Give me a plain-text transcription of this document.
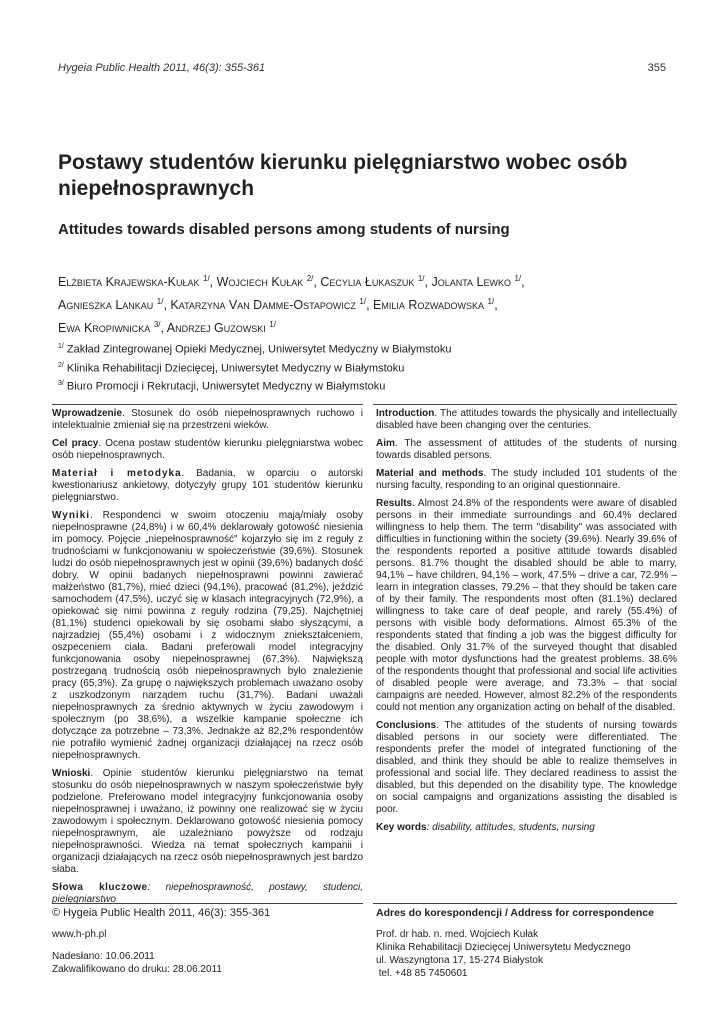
Hygeia Public Health 2011, 46(3): 355-361	355
Postawy studentów kierunku pielęgniarstwo wobec osób niepełnosprawnych
Attitudes towards disabled persons among students of nursing
Elżbieta Krajewska-Kułak $^{1/}$, Wojciech Kułak $^{2/}$, Cecylia Łukaszuk $^{1/}$, Jolanta Lewko $^{1/}$,
Agnieszka Lankau $^{1/}$, Katarzyna Van Damme-Ostapowicz $^{1/}$, Emilia Rozwadowska $^{1/}$,
Ewa Kropiwnicka $^{3/}$, Andrzej Guzowski $^{1/}$
$^{1/}$ Zakład Zintegrowanej Opieki Medycznej, Uniwersytet Medyczny w Białymstoku
$^{2/}$ Klinika Rehabilitacji Dziecięcej, Uniwersytet Medyczny w Białymstoku
$^{3/}$ Biuro Promocji i Rekrutacji, Uniwersytet Medyczny w Białymstoku

Wprowadzenie. Stosunek do osób niepełnosprawnych ruchowo i intelektualnie zmieniał się na przestrzeni wieków.

Cel pracy. Ocena postaw studentów kierunku pielęgniarstwa wobec osób niepełnosprawnych.

Materiał i metodyka. Badania, w oparciu o autorski kwestionariusz ankietowy, dotyczyły grupy 101 studentów kierunku pielęgniarstwo.

Wyniki. Respondenci w swoim otoczeniu mają/miały osoby niepełnosprawne (24,8%) i w 60,4% deklarowały gotowość niesienia im pomocy. Pojęcie „niepełnosprawność" kojarzyło się im z reguły z trudnościami w funkcjonowaniu w społeczeństwie (39,6%). Stosunek ludzi do osób niepełnosprawnych jest w opinii (39,6%) badanych dość dobry. W opinii badanych niepełnosprawni powinni zawierać małżeństwo (81,7%), mieć dzieci (94,1%), pracować (81,2%), jeździć samochodem (47,5%), uczyć się w klasach integracyjnych (72,9%), a opiekować się nimi powinna z reguły rodzina (79,25). Najchętniej (81,1%) studenci opiekowali by się osobami słabo słyszącymi, a najrzadziej (55,4%) osobami i z widocznym zniekształceniem, oszpeceniem ciała. Badani preferowali model integracyjny funkcjonowania osoby niepełnosprawnej (67,3%). Największą postrzeganą trudnością osób niepełnosprawnych było znalezienie pracy (65,3%). Za grupę o największych problemach uważano osoby z uszkodzonym narządem ruchu (31,7%). Badani uważali niepełnosprawnych za średnio aktywnych w życiu zawodowym i społecznym (po 38,6%), a wszelkie kampanie społeczne ich dotyczące za potrzebne – 73,3%. Jednakże aż 82,2% respondentów nie potrafiło wymienić żadnej organizacji działającej na rzecz osób niepełnosprawnych.

Wnioski. Opinie studentów kierunku pielęgniarstwo na temat stosunku do osób niepełnosprawnych w naszym społeczeństwie były podzielone. Preferowano model integracyjny funkcjonowania osoby niepełnosprawnej i uważano, iż powinny one realizować się w życiu zawodowym i społecznym. Deklarowano gotowość niesienia pomocy niepełnosprawnym, ale uzależniano powyższe od rodzaju niepełnosprawności. Wiedza na temat społecznych kampanii i organizacji działających na rzecz osób niepełnosprawnych jest bardzo słaba.

Słowa kluczowe: niepełnosprawność, postawy, studenci, pielęgniarstwo

Introduction. The attitudes towards the physically and intellectually disabled have been changing over the centuries.

Aim. The assessment of attitudes of the students of nursing towards disabled persons.

Material and methods. The study included 101 students of the nursing faculty, responding to an original questionnaire.

Results. Almost 24.8% of the respondents were aware of disabled persons in their immediate surroundings and 60.4% declared willingness to help them. The term "disability" was associated with difficulties in functioning within the society (39.6%). Nearly 39.6% of the respondents reported a positive attitude towards disabled persons. 81.7% thought the disabled should be able to marry, 94,1% – have children, 94,1% – work, 47.5% – drive a car, 72.9% – learn in integration classes, 79.2% – that they should be taken care of by their family. The respondents most often (81.1%) declared willingness to take care of deaf people, and rarely (55.4%) of persons with visible body deformations. Almost 65.3% of the respondents stated that finding a job was the biggest difficulty for the disabled. Only 31.7% of the surveyed thought that disabled people with motor dysfunctions had the greatest problems. 38.6% of the respondents thought that professional and social life activities of disabled people were average, and 73.3% – that social campaigns are needed. However, almost 82.2% of the respondents could not mention any organization acting on behalf of the disabled.

Conclusions. The attitudes of the students of nursing towards disabled persons in our society were differentiated. The respondents prefer the model of integrated functioning of the disabled, and think they should be able to realize themselves in professional and social life. They declared readiness to assist the disabled, but this depended on the disability type. The knowledge on social campaigns and organizations assisting the disabled is poor.

Key words: disability, attitudes, students, nursing

© Hygeia Public Health 2011, 46(3): 355-361
www.h-ph.pl
Nadesłano: 10.06.2011
Zakwalifikowano do druku: 28.06.2011
Adres do korespondencji / Address for correspondence
Prof. dr hab. n. med. Wojciech Kułak
Klinika Rehabilitacji Dziecięcej Uniwersytetu Medycznego
ul. Waszyngtona 17, 15-274 Białystok
tel. +48 85 7450601
